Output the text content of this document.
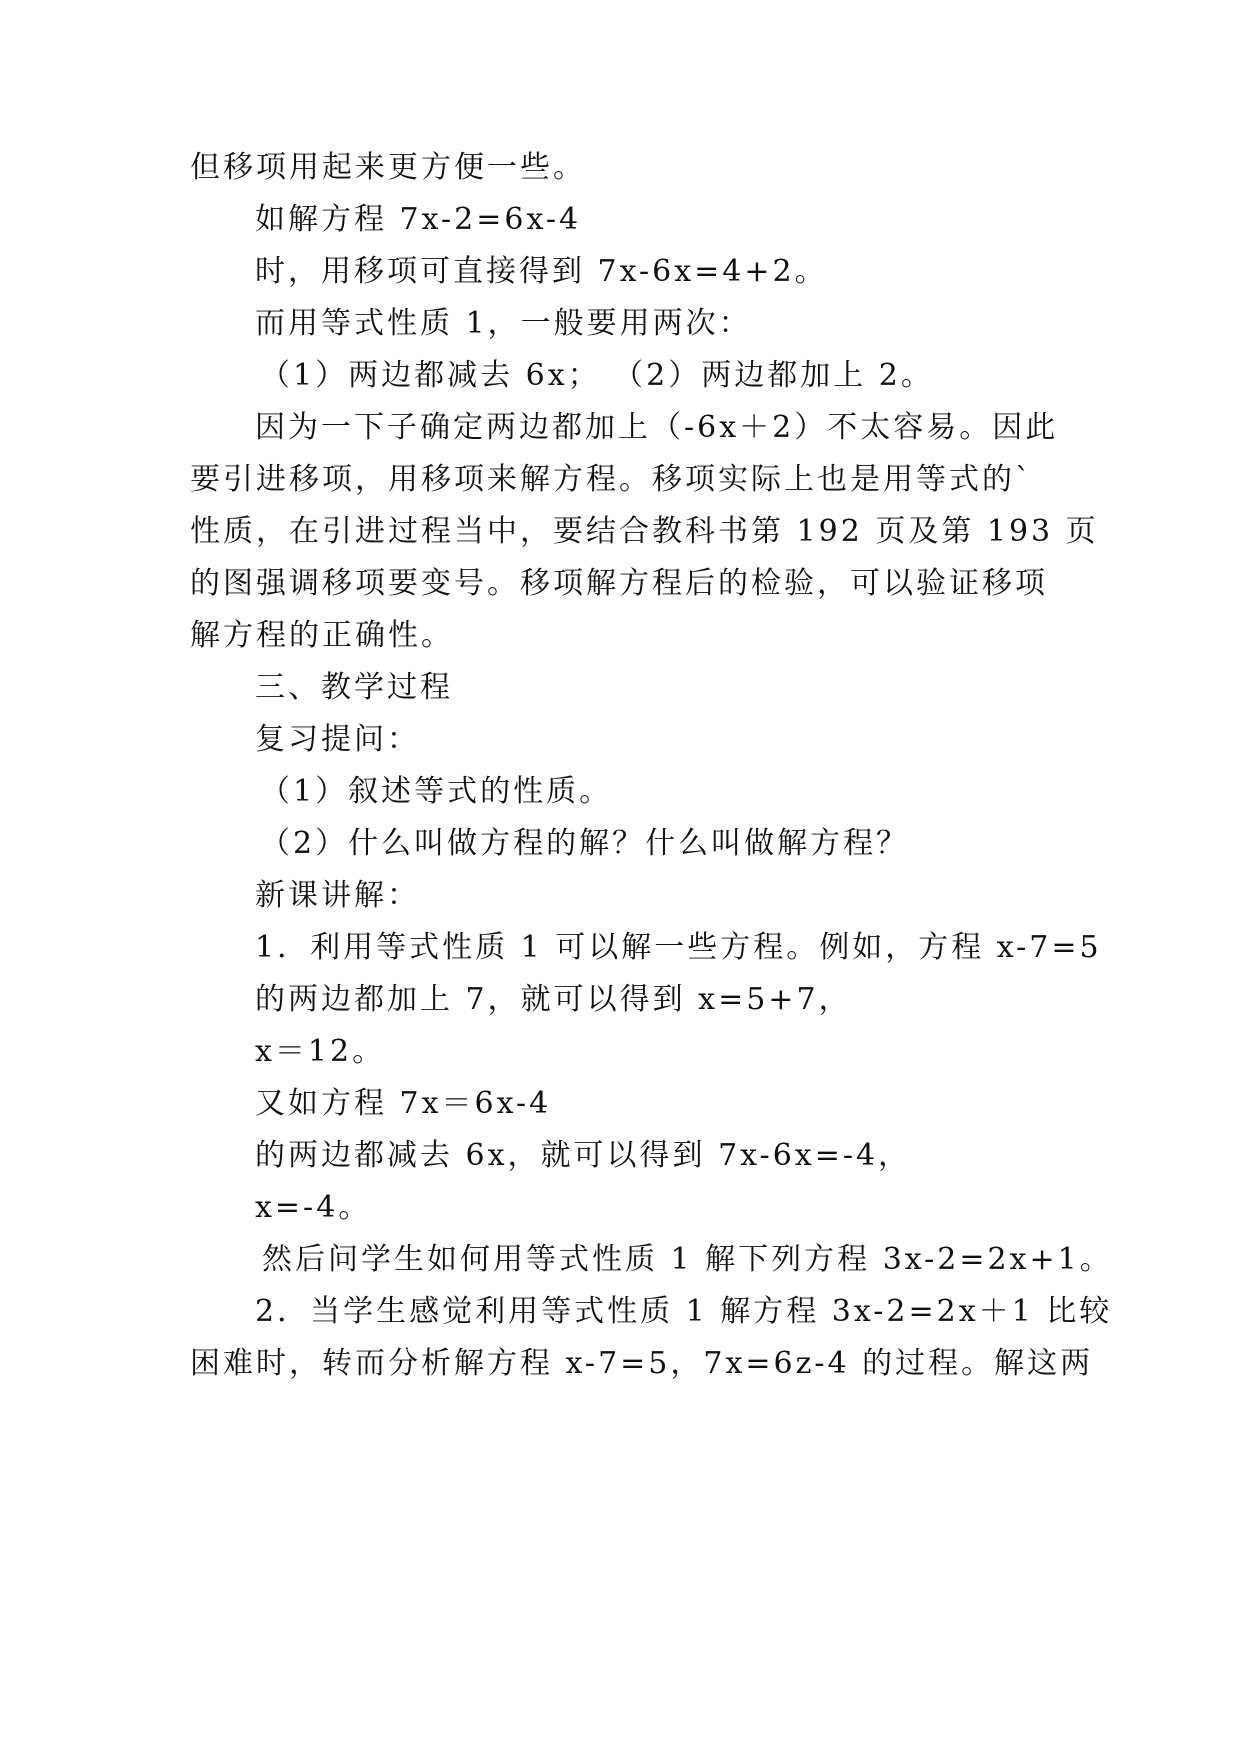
但移项用起来更方便一些。
如解方程 7x-2=6x-4
时，用移项可直接得到 7x-6x=4+2。
而用等式性质 1，一般要用两次：
（1）两边都减去 6x； （2）两边都加上 2。
因为一下子确定两边都加上（-6x＋2）不太容易。因此
要引进移项，用移项来解方程。移项实际上也是用等式的`
性质，在引进过程当中，要结合教科书第 192 页及第 193 页
的图强调移项要变号。移项解方程后的检验，可以验证移项
解方程的正确性。
三、教学过程
复习提问：
（1）叙述等式的性质。
（2）什么叫做方程的解？什么叫做解方程？
新课讲解：
1．利用等式性质 1 可以解一些方程。例如，方程 x-7=5
的两边都加上 7，就可以得到 x=5+7，
x＝12。
又如方程 7x＝6x-4
的两边都减去 6x，就可以得到 7x-6x=-4，
x=-4。
然后问学生如何用等式性质 1 解下列方程 3x-2=2x+1。
2．当学生感觉利用等式性质 1 解方程 3x-2=2x＋1 比较
困难时，转而分析解方程 x-7=5，7x=6z-4 的过程。解这两
